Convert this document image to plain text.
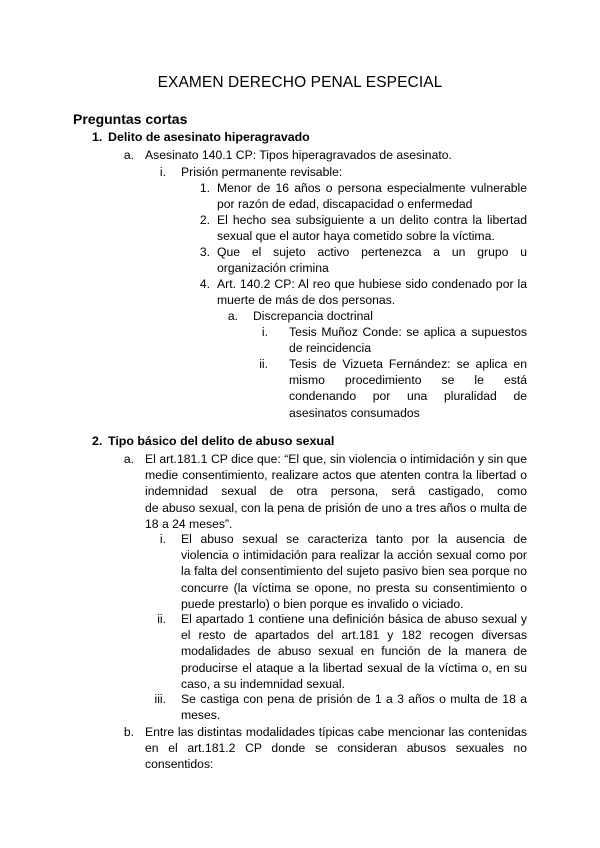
EXAMEN DERECHO PENAL ESPECIAL
Preguntas cortas
1. Delito de asesinato hiperagravado
a. Asesinato 140.1 CP: Tipos hiperagravados de asesinato.
i. Prisión permanente revisable:
1. Menor de 16 años o persona especialmente vulnerable
por razón de edad, discapacidad o enfermedad
2. El hecho sea subsiguiente a un delito contra la libertad
sexual que el autor haya cometido sobre la víctima.
3. Que el sujeto activo pertenezca a un grupo u
organización crimina
4. Art. 140.2 CP: Al reo que hubiese sido condenado por la
muerte de más de dos personas.
a. Discrepancia doctrinal
i. Tesis Muñoz Conde: se aplica a supuestos
de reincidencia
ii. Tesis de Vizueta Fernández: se aplica en
mismo procedimiento se le está
condenando por una pluralidad de
asesinatos consumados
2. Tipo básico del delito de abuso sexual
a. El art.181.1 CP dice que: “El que, sin violencia o intimidación y sin que
medie consentimiento, realizare actos que atenten contra la libertad o
indemnidad sexual de otra persona, será castigado, como
de abuso sexual, con la pena de prisión de uno a tres años o multa de
18 a 24 meses”.
i. El abuso sexual se caracteriza tanto por la ausencia de
violencia o intimidación para realizar la acción sexual como por
la falta del consentimiento del sujeto pasivo bien sea porque no
concurre (la víctima se opone, no presta su consentimiento o
puede prestarlo) o bien porque es invalido o viciado.
ii. El apartado 1 contiene una definición básica de abuso sexual y
el resto de apartados del art.181 y 182 recogen diversas
modalidades de abuso sexual en función de la manera de
producirse el ataque a la libertad sexual de la víctima o, en su
caso, a su indemnidad sexual.
iii. Se castiga con pena de prisión de 1 a 3 años o multa de 18 a
meses.
b. Entre las distintas modalidades típicas cabe mencionar las contenidas
en el art.181.2 CP donde se consideran abusos sexuales no
consentidos:
